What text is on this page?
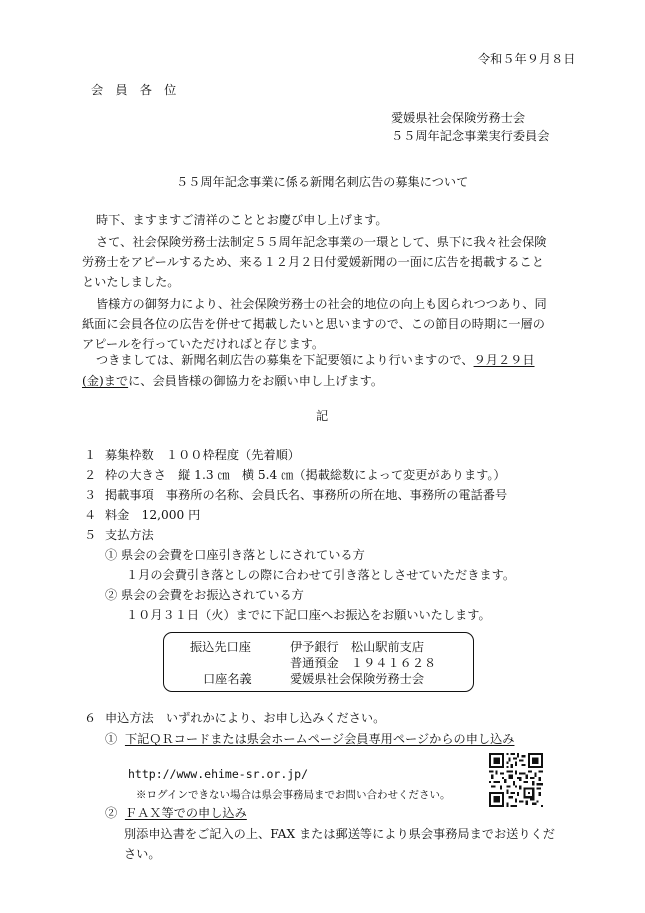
令和５年９月８日
会　員　各　位
愛媛県社会保険労務士会
５５周年記念事業実行委員会
５５周年記念事業に係る新聞名刺広告の募集について
時下、ますますご清祥のこととお慶び申し上げます。
さて、社会保険労務士法制定５５周年記念事業の一環として、県下に我々社会保険
労務士をアピールするため、来る１２月２日付愛媛新聞の一面に広告を掲載すること
といたしました。
皆様方の御努力により、社会保険労務士の社会的地位の向上も図られつつあり、同
紙面に会員各位の広告を併せて掲載したいと思いますので、この節目の時期に一層の
アピールを行っていただければと存じます。
つきましては、新聞名刺広告の募集を下記要領により行いますので、９月２９日
(金)までに、会員皆様の御協力をお願い申し上げます。
記
１ 募集枠数　１００枠程度（先着順）
２ 枠の大きさ　縦 1.3 ㎝　横 5.4 ㎝（掲載総数によって変更があります。）
３ 掲載事項　事務所の名称、会員氏名、事務所の所在地、事務所の電話番号
４ 料金　12,000 円
５ 支払方法
① 県会の会費を口座引き落としにされている方
１月の会費引き落としの際に合わせて引き落としさせていただきます。
② 県会の会費をお振込されている方
１０月３１日（火）までに下記口座へお振込をお願いいたします。
振込先口座	伊予銀行　松山駅前支店
普通預金　１９４１６２８
口座名義	愛媛県社会保険労務士会
６ 申込方法　いずれかにより、お申し込みください。
① 下記ＱＲコードまたは県会ホームページ会員専用ページからの申し込み
http://www.ehime-sr.or.jp/
※ログインできない場合は県会事務局までお問い合わせください。
② ＦＡＸ等での申し込み
別添申込書をご記入の上、FAX または郵送等により県会事務局までお送りくだ
さい。
